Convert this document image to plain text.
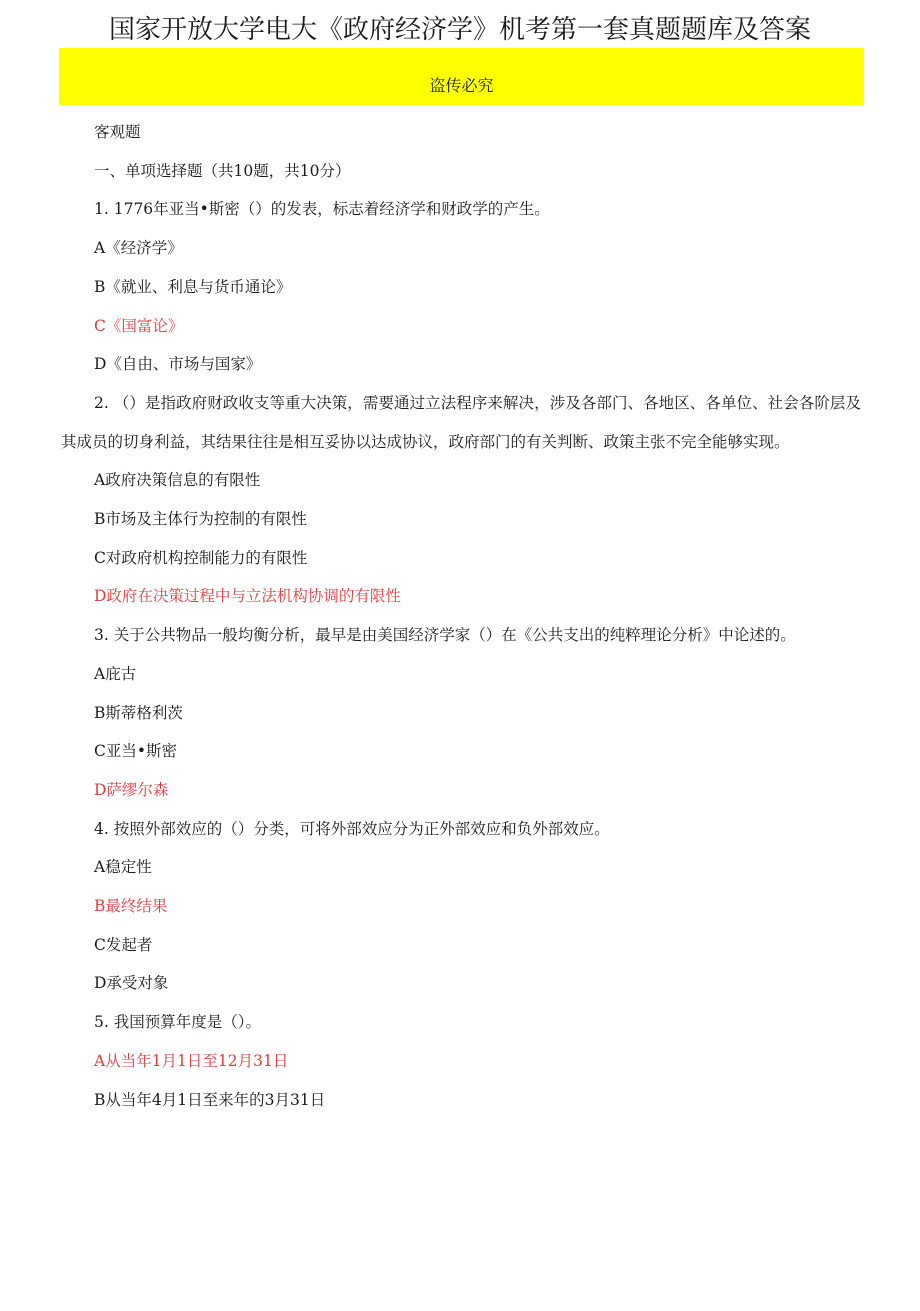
国家开放大学电大《政府经济学》机考第一套真题题库及答案
盗传必究
客观题
一、单项选择题（共10题，共10分）
1. 1776年亚当•斯密（）的发表，标志着经济学和财政学的产生。
A《经济学》
B《就业、利息与货币通论》
C《国富论》
D《自由、市场与国家》
2. （）是指政府财政收支等重大决策，需要通过立法程序来解决，涉及各部门、各地区、各单位、社会各阶层及其成员的切身利益，其结果往往是相互妥协以达成协议，政府部门的有关判断、政策主张不完全能够实现。
A政府决策信息的有限性
B市场及主体行为控制的有限性
C对政府机构控制能力的有限性
D政府在决策过程中与立法机构协调的有限性
3. 关于公共物品一般均衡分析，最早是由美国经济学家（）在《公共支出的纯粹理论分析》中论述的。
A庇古
B斯蒂格利茨
C亚当•斯密
D萨缪尔森
4. 按照外部效应的（）分类，可将外部效应分为正外部效应和负外部效应。
A稳定性
B最终结果
C发起者
D承受对象
5. 我国预算年度是（）。
A从当年1月1日至12月31日
B从当年4月1日至来年的3月31日
